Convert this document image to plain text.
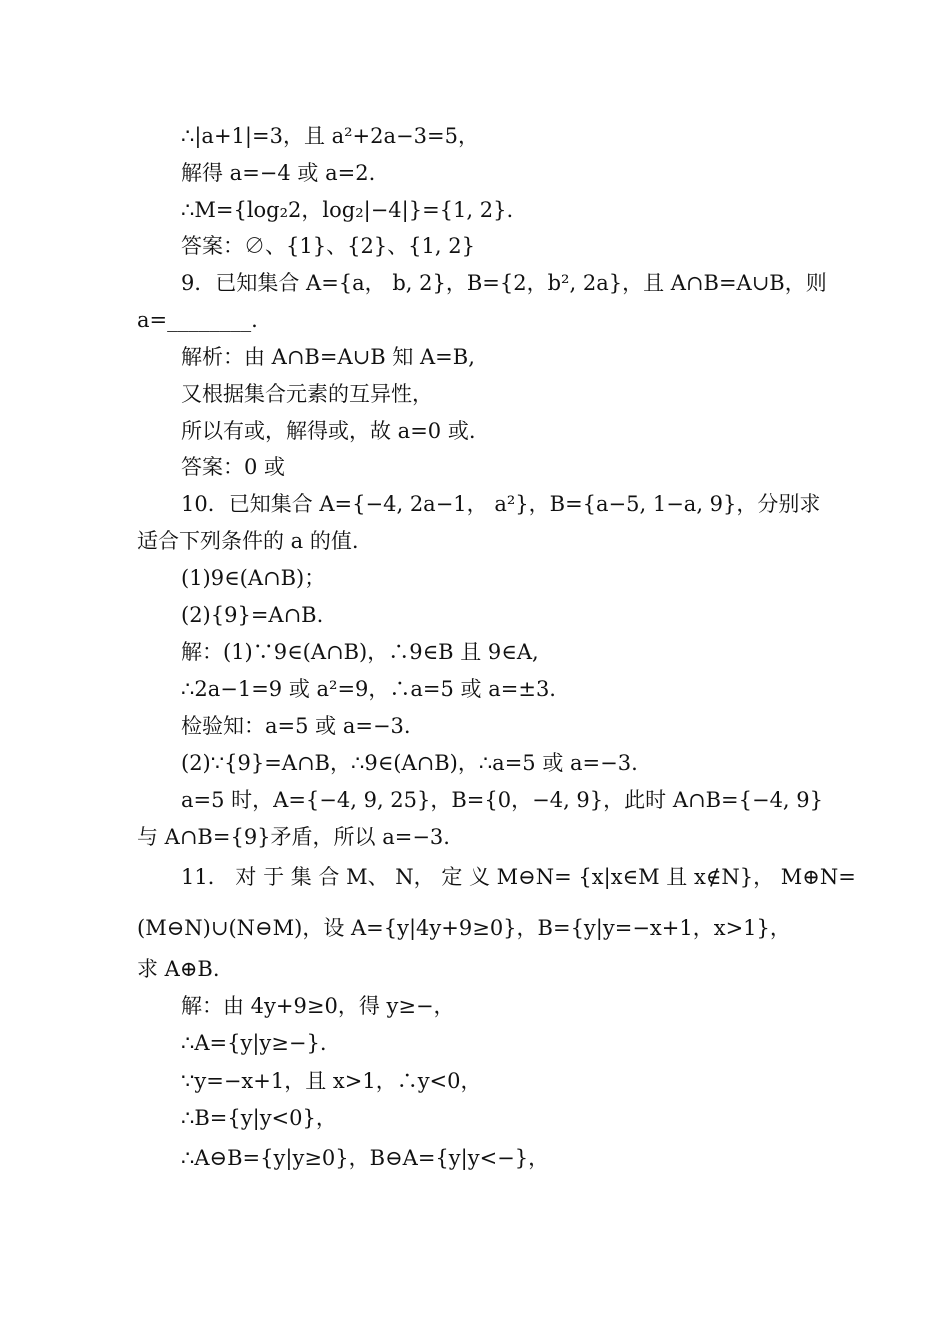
∴|a+1|=3，且 a²+2a−3=5，
解得 a=−4 或 a=2.
∴M={log₂2，log₂|−4|}={1, 2}.
答案：∅、{1}、{2}、{1, 2}
9．已知集合 A={a， b, 2}，B={2，b², 2a}，且 A∩B=A∪B，则
a=________.
解析：由 A∩B=A∪B 知 A=B,
又根据集合元素的互异性，
所以有或，解得或，故 a=0 或.
答案：0 或
10．已知集合 A={−4, 2a−1， a²}，B={a−5, 1−a, 9}，分别求
适合下列条件的 a 的值.
(1)9∈(A∩B)；
(2){9}=A∩B.
解：(1)∵9∈(A∩B)，∴9∈B 且 9∈A,
∴2a−1=9 或 a²=9，∴a=5 或 a=±3.
检验知：a=5 或 a=−3.
(2)∵{9}=A∩B，∴9∈(A∩B)，∴a=5 或 a=−3.
a=5 时，A={−4, 9, 25}，B={0，−4, 9}，此时 A∩B={−4, 9}
与 A∩B={9}矛盾，所以 a=−3.
11． 对 于 集 合 M、 N， 定 义 M⊖N= {x|x∈M 且 x∉N}， M⊕N=
(M⊖N)∪(N⊖M)，设 A={y|4y+9≥0}，B={y|y=−x+1，x>1}，
求 A⊕B.
解：由 4y+9≥0，得 y≥−，
∴A={y|y≥−}.
∵y=−x+1，且 x>1，∴y<0，
∴B={y|y<0}，
∴A⊖B={y|y≥0}，B⊖A={y|y<−}，
